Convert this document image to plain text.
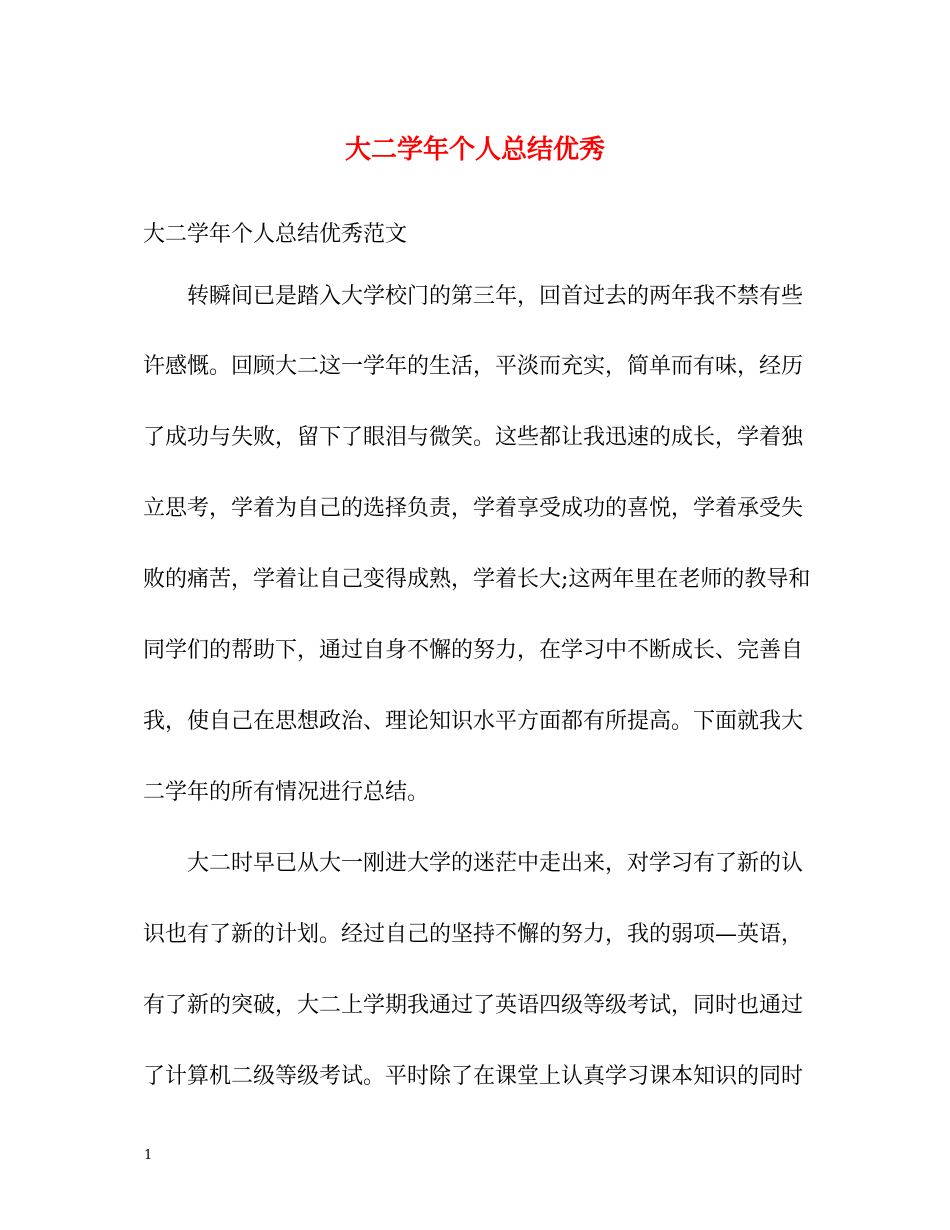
大二学年个人总结优秀
大二学年个人总结优秀范文
转瞬间已是踏入大学校门的第三年，回首过去的两年我不禁有些
许感慨。回顾大二这一学年的生活，平淡而充实，简单而有味，经历
了成功与失败，留下了眼泪与微笑。这些都让我迅速的成长，学着独
立思考，学着为自己的选择负责，学着享受成功的喜悦，学着承受失
败的痛苦，学着让自己变得成熟，学着长大;这两年里在老师的教导和
同学们的帮助下，通过自身不懈的努力，在学习中不断成长、完善自
我，使自己在思想政治、理论知识水平方面都有所提高。下面就我大
二学年的所有情况进行总结。
大二时早已从大一刚进大学的迷茫中走出来，对学习有了新的认
识也有了新的计划。经过自己的坚持不懈的努力，我的弱项—英语，
有了新的突破，大二上学期我通过了英语四级等级考试，同时也通过
了计算机二级等级考试。平时除了在课堂上认真学习课本知识的同时
1
